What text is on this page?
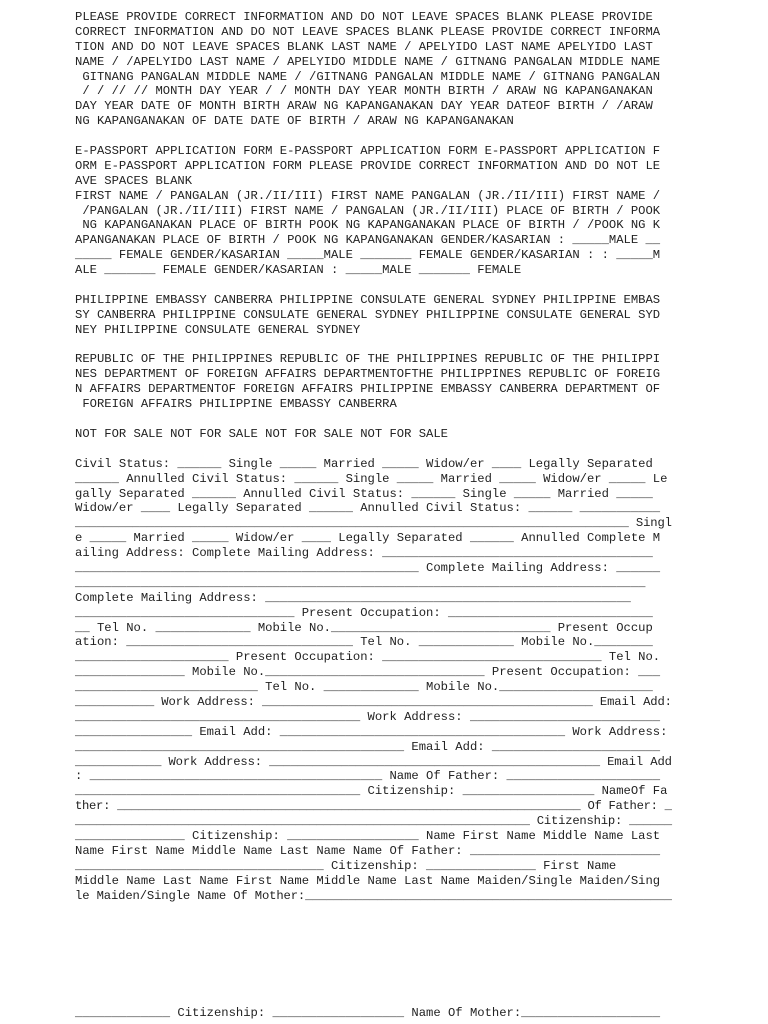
PLEASE PROVIDE CORRECT INFORMATION AND DO NOT LEAVE SPACES BLANK PLEASE PROVIDE
CORRECT INFORMATION AND DO NOT LEAVE SPACES BLANK PLEASE PROVIDE CORRECT INFORMA
TION AND DO NOT LEAVE SPACES BLANK LAST NAME / APELYIDO LAST NAME APELYIDO LAST
NAME / /APELYIDO LAST NAME / APELYIDO MIDDLE NAME / GITNANG PANGALAN MIDDLE NAME
GITNANG PANGALAN MIDDLE NAME / /GITNANG PANGALAN MIDDLE NAME / GITNANG PANGALAN
/ / // // MONTH DAY YEAR / / MONTH DAY YEAR MONTH BIRTH / ARAW NG KAPANGANAKAN
DAY YEAR DATE OF MONTH BIRTH ARAW NG KAPANGANAKAN DAY YEAR DATEOF BIRTH / /ARAW
NG KAPANGANAKAN OF DATE DATE OF BIRTH / ARAW NG KAPANGANAKAN
E-PASSPORT APPLICATION FORM E-PASSPORT APPLICATION FORM E-PASSPORT APPLICATION F
ORM E-PASSPORT APPLICATION FORM PLEASE PROVIDE CORRECT INFORMATION AND DO NOT LE
AVE SPACES BLANK
FIRST NAME / PANGALAN (JR./II/III) FIRST NAME PANGALAN (JR./II/III) FIRST NAME /
/PANGALAN (JR./II/III) FIRST NAME / PANGALAN (JR./II/III) PLACE OF BIRTH / POOK
NG KAPANGANAKAN PLACE OF BIRTH POOK NG KAPANGANAKAN PLACE OF BIRTH / /POOK NG K
APANGANAKAN PLACE OF BIRTH / POOK NG KAPANGANAKAN GENDER/KASARIAN : _____MALE __
_____ FEMALE GENDER/KASARIAN _____MALE _______ FEMALE GENDER/KASARIAN : : _____M
ALE _______ FEMALE GENDER/KASARIAN : _____MALE _______ FEMALE
PHILIPPINE EMBASSY CANBERRA PHILIPPINE CONSULATE GENERAL SYDNEY PHILIPPINE EMBAS
SY CANBERRA PHILIPPINE CONSULATE GENERAL SYDNEY PHILIPPINE CONSULATE GENERAL SYD
NEY PHILIPPINE CONSULATE GENERAL SYDNEY
REPUBLIC OF THE PHILIPPINES REPUBLIC OF THE PHILIPPINES REPUBLIC OF THE PHILIPPI
NES DEPARTMENT OF FOREIGN AFFAIRS DEPARTMENTOFTHE PHILIPPINES REPUBLIC OF FOREIG
N AFFAIRS DEPARTMENTOF FOREIGN AFFAIRS PHILIPPINE EMBASSY CANBERRA DEPARTMENT OF
FOREIGN AFFAIRS PHILIPPINE EMBASSY CANBERRA
NOT FOR SALE NOT FOR SALE NOT FOR SALE NOT FOR SALE
Civil Status: ______ Single _____ Married _____ Widow/er ____ Legally Separated
______ Annulled Civil Status: ______ Single _____ Married _____ Widow/er _____ Le
gally Separated ______ Annulled Civil Status: ______ Single _____ Married _____
Widow/er ____ Legally Separated ______ Annulled Civil Status: ______ ___________
_____________________________________________________________________________ Singl
e _____ Married _____ Widow/er ____ Legally Separated ______ Annulled Complete M
ailing Address: Complete Mailing Address: _____________________________________
_______________________________________________ Complete Mailing Address: ______
______________________________________________________________________________
Complete Mailing Address: __________________________________________________
______________________________ Present Occupation: ____________________________
__ Tel No. _____________ Mobile No.______________________________ Present Occup
ation: _______________________________ Tel No. _____________ Mobile No.________
_____________________ Present Occupation: ______________________________ Tel No.
_______________ Mobile No.______________________________ Present Occupation: ___
_________________________ Tel No. _____________ Mobile No._____________________
___________ Work Address: ______________________________________________ Email Add:
_______________________________________ Work Address: __________________________
________________ Email Add: _______________________________________ Work Address:
_____________________________________________ Email Add: _______________________
____________ Work Address: ______________________________________________ Email Add
: ________________________________________ Name Of Father: _____________________
_______________________________________ Citizenship: __________________ NameOf Fa
ther: __________________________________________________________________ Of Father: _
________________________________________________________________ Citizenship: ______
_______________ Citizenship: __________________ Name First Name Middle Name Last
Name First Name Middle Name Last Name Name Of Father: __________________________
__________________________________ Citizenship: _______________ First Name
Middle Name Last Name First Name Middle Name Last Name Maiden/Single Maiden/Sing
le Maiden/Single Name Of Mother:___________________________________________________
_____________ Citizenship: __________________ Name Of Mother:___________________
